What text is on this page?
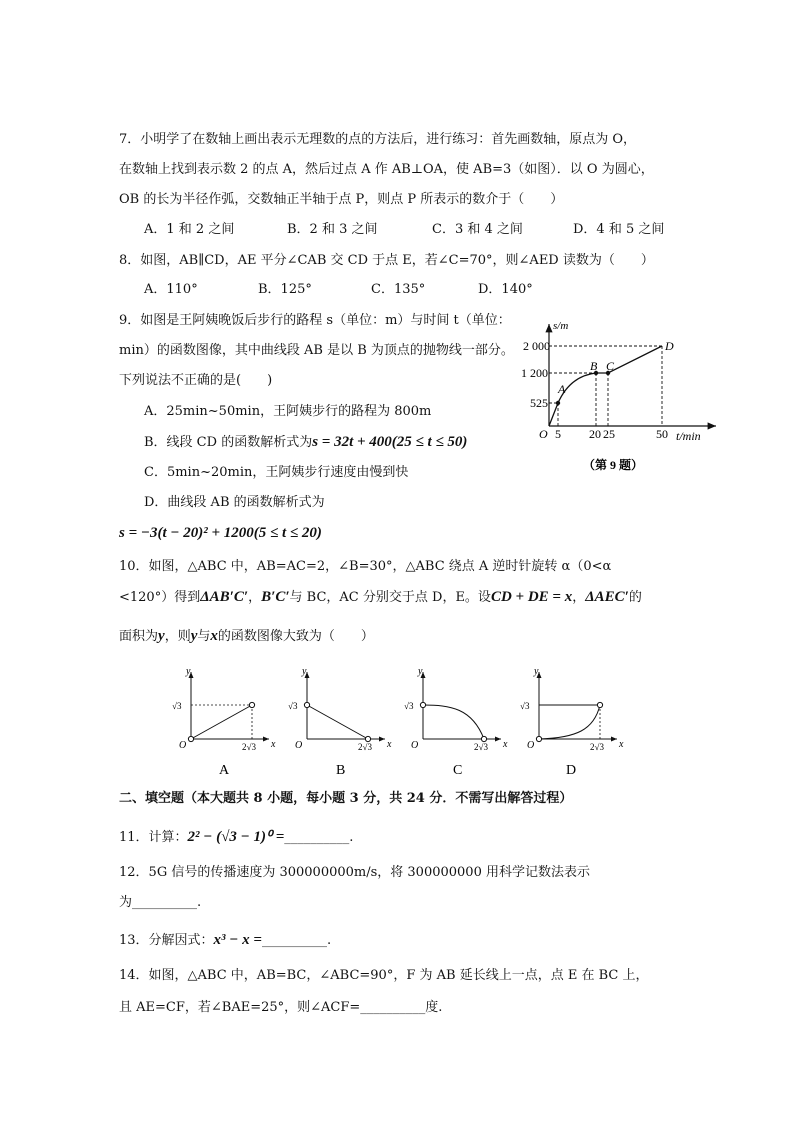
7．小明学了在数轴上画出表示无理数的点的方法后，进行练习：首先画数轴，原点为 O，
在数轴上找到表示数 2 的点 A，然后过点 A 作 AB⊥OA，使 AB=3（如图）．以 O 为圆心，
OB 的长为半径作弧，交数轴正半轴于点 P，则点 P 所表示的数介于（　　）
A．1 和 2 之间	B．2 和 3 之间	C．3 和 4 之间	D．4 和 5 之间
8．如图，AB∥CD，AE 平分∠CAB 交 CD 于点 E，若∠C=70°，则∠AED 读数为（　　）
A．110°	B．125°	C．135°	D．140°
9．如图是王阿姨晚饭后步行的路程 s（单位：m）与时间 t（单位：
min）的函数图像，其中曲线段 AB 是以 B 为顶点的抛物线一部分。
下列说法不正确的是(　　)
A．25min~50min，王阿姨步行的路程为 800m
B．线段 CD 的函数解析式为s = 32t + 400(25 ≤ t ≤ 50)
C．5min~20min，王阿姨步行速度由慢到快
D．曲线段 AB 的函数解析式为
s = −3(t − 20)² + 1200(5 ≤ t ≤ 20)
2 000
1 200
525
O 5 20 25	50 t/min
s/m
A
B C
D
（第 9 题）
10．如图，△ABC 中，AB=AC=2，∠B=30°，△ABC 绕点 A 逆时针旋转 α（0<α
<120°）得到ΔAB′C′，B′C′与 BC，AC 分别交于点 D，E。设CD + DE = x，ΔAEC′的
面积为y，则y与x的函数图像大致为（　　）
y
x
O
√3
2√3
A
y
x
O
√3
2√3
B
y
x
O
√3
2√3
C
y
x
O
√3
2√3
D
二、填空题（本大题共 8 小题，每小题 3 分，共 24 分．不需写出解答过程）
11．计算：2² − (√3 − 1)⁰ =__________.
12．5G 信号的传播速度为 300000000m/s，将 300000000 用科学记数法表示
为__________.
13．分解因式：x³ − x =__________.
14．如图，△ABC 中，AB=BC，∠ABC=90°，F 为 AB 延长线上一点，点 E 在 BC 上，
且 AE=CF，若∠BAE=25°，则∠ACF=__________度.
